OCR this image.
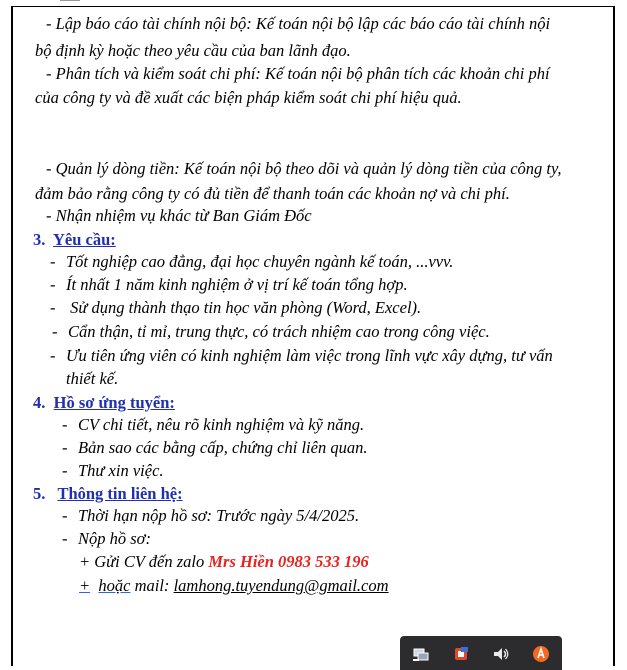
- Lập báo cáo tài chính nội bộ: Kế toán nội bộ lập các báo cáo tài chính nội
bộ định kỳ hoặc theo yêu cầu của ban lãnh đạo.
- Phân tích và kiểm soát chi phí: Kế toán nội bộ phân tích các khoản chi phí
của công ty và đề xuất các biện pháp kiểm soát chi phí hiệu quả.
- Quản lý dòng tiền: Kế toán nội bộ theo dõi và quản lý dòng tiền của công ty,
đảm bảo rằng công ty có đủ tiền để thanh toán các khoản nợ và chi phí.
- Nhận nhiệm vụ khác từ Ban Giám Đốc
3. Yêu cầu:
- Tốt nghiệp cao đẳng, đại học chuyên ngành kế toán, ...vvv.
- Ít nhất 1 năm kinh nghiệm ở vị trí kế toán tổng hợp.
- Sử dụng thành thạo tin học văn phòng (Word, Excel).
- Cẩn thận, tỉ mỉ, trung thực, có trách nhiệm cao trong công việc.
- Ưu tiên ứng viên có kinh nghiệm làm việc trong lĩnh vực xây dựng, tư vấn
thiết kế.
4. Hồ sơ ứng tuyển:
- CV chi tiết, nêu rõ kinh nghiệm và kỹ năng.
- Bản sao các bằng cấp, chứng chỉ liên quan.
- Thư xin việc.
5. Thông tin liên hệ:
- Thời hạn nộp hồ sơ: Trước ngày 5/4/2025.
- Nộp hồ sơ:
+ Gửi CV đến zalo Mrs Hiền 0983 533 196
+ hoặc mail: lamhong.tuyendung@gmail.com
